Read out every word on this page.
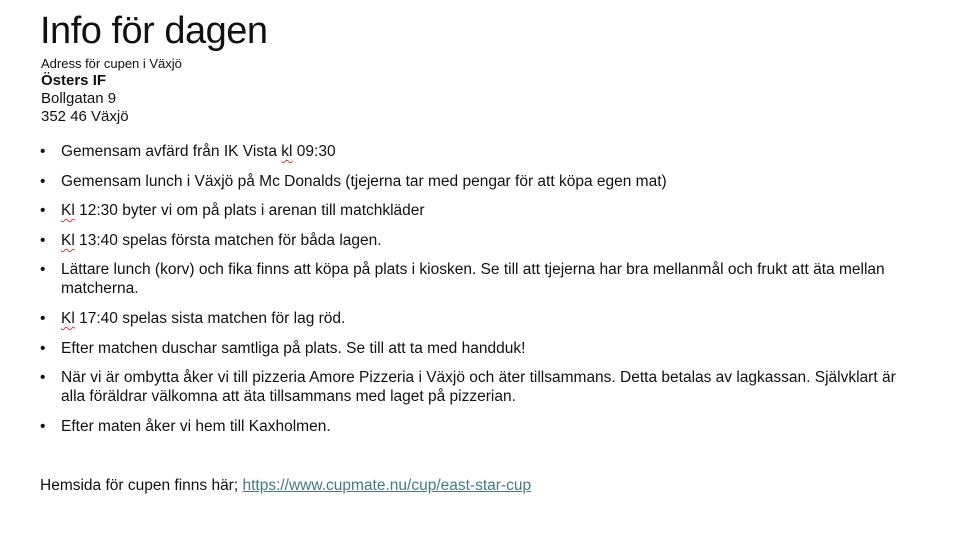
Info för dagen
Adress för cupen i Växjö
Östers IF
Bollgatan 9
352 46 Växjö
• Gemensam avfärd från IK Vista kl 09:30
• Gemensam lunch i Växjö på Mc Donalds (tjejerna tar med pengar för att köpa egen mat)
• Kl 12:30 byter vi om på plats i arenan till matchkläder
• Kl 13:40 spelas första matchen för båda lagen.
• Lättare lunch (korv) och fika finns att köpa på plats i kiosken. Se till att tjejerna har bra mellanmål och frukt att äta mellan matcherna.
• Kl 17:40 spelas sista matchen för lag röd.
• Efter matchen duschar samtliga på plats. Se till att ta med handduk!
• När vi är ombytta åker vi till pizzeria Amore Pizzeria i Växjö och äter tillsammans. Detta betalas av lagkassan. Självklart är alla föräldrar välkomna att äta tillsammans med laget på pizzerian.
• Efter maten åker vi hem till Kaxholmen.

Hemsida för cupen finns här; https://www.cupmate.nu/cup/east-star-cup
